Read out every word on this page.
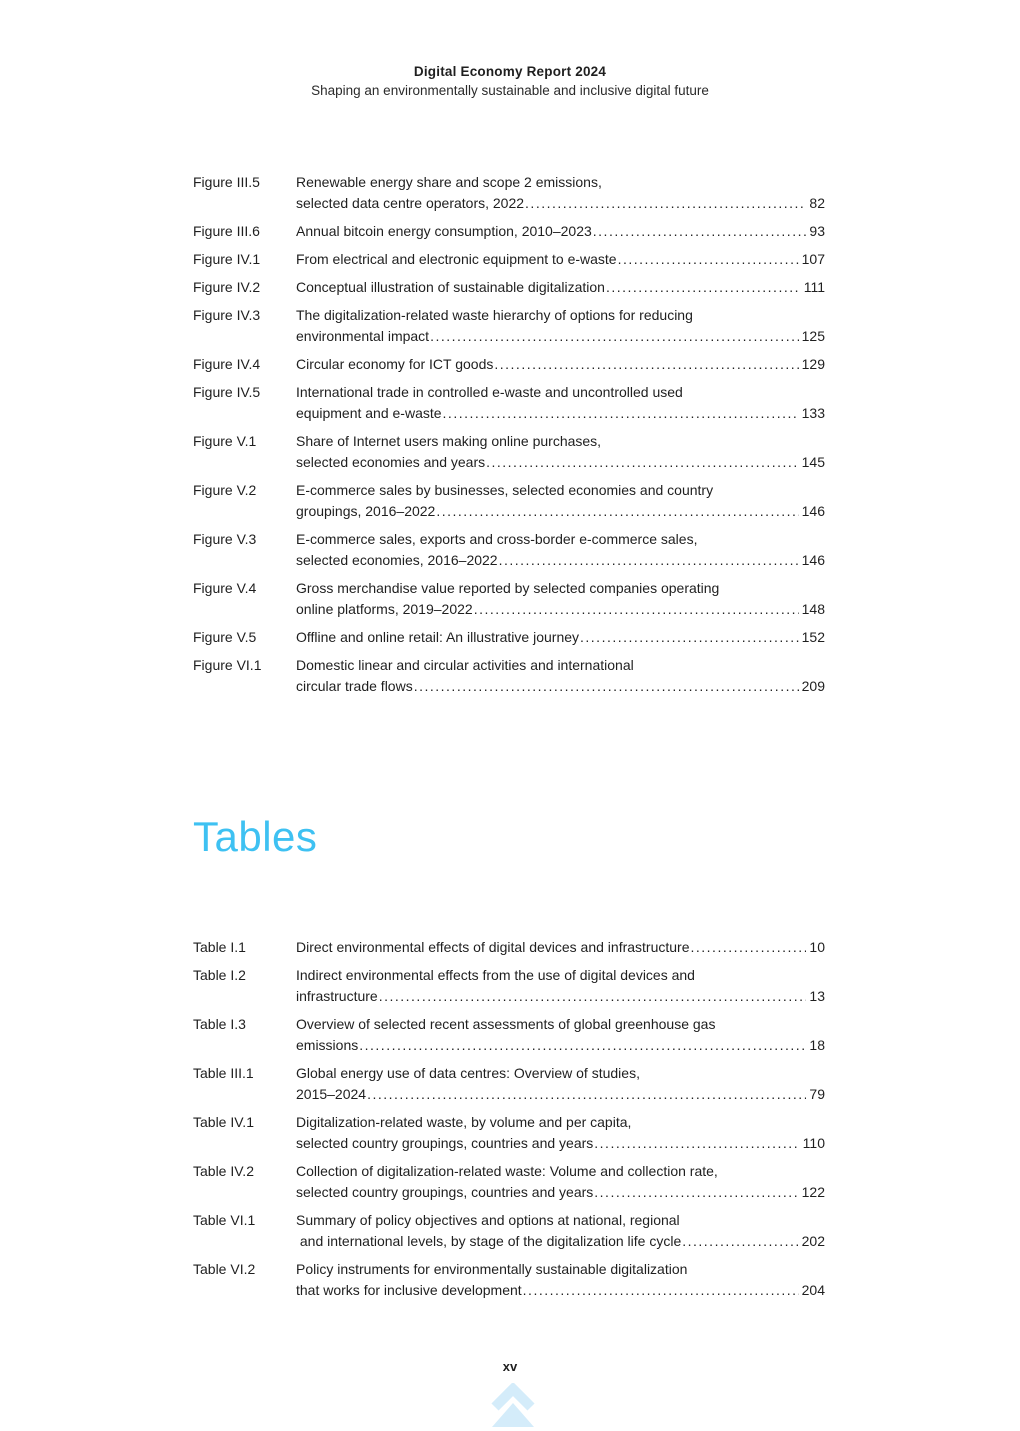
Digital Economy Report 2024
Shaping an environmentally sustainable and inclusive digital future
Figure III.5	Renewable energy share and scope 2 emissions,
selected data centre operators, 2022 .....	82
Figure III.6	Annual bitcoin energy consumption, 2010–2023 .....	93
Figure IV.1	From electrical and electronic equipment to e-waste .....	107
Figure IV.2	Conceptual illustration of sustainable digitalization .....	111
Figure IV.3	The digitalization-related waste hierarchy of options for reducing
environmental impact .....	125
Figure IV.4	Circular economy for ICT goods .....	129
Figure IV.5	International trade in controlled e-waste and uncontrolled used
equipment and e-waste .....	133
Figure V.1	Share of Internet users making online purchases,
selected economies and years .....	145
Figure V.2	E-commerce sales by businesses, selected economies and country
groupings, 2016–2022 .....	146
Figure V.3	E-commerce sales, exports and cross-border e-commerce sales,
selected economies, 2016–2022 .....	146
Figure V.4	Gross merchandise value reported by selected companies operating
online platforms, 2019–2022 .....	148
Figure V.5	Offline and online retail: An illustrative journey .....	152
Figure VI.1	Domestic linear and circular activities and international
circular trade flows .....	209
Tables
Table I.1	Direct environmental effects of digital devices and infrastructure .....	10
Table I.2	Indirect environmental effects from the use of digital devices and
infrastructure .....	13
Table I.3	Overview of selected recent assessments of global greenhouse gas
emissions .....	18
Table III.1	Global energy use of data centres: Overview of studies,
2015–2024 .....	79
Table IV.1	Digitalization-related waste, by volume and per capita,
selected country groupings, countries and years .....	110
Table IV.2	Collection of digitalization-related waste: Volume and collection rate,
selected country groupings, countries and years .....	122
Table VI.1	Summary of policy objectives and options at national, regional
and international levels, by stage of the digitalization life cycle .....	202
Table VI.2	Policy instruments for environmentally sustainable digitalization
that works for inclusive development .....	204
xv
